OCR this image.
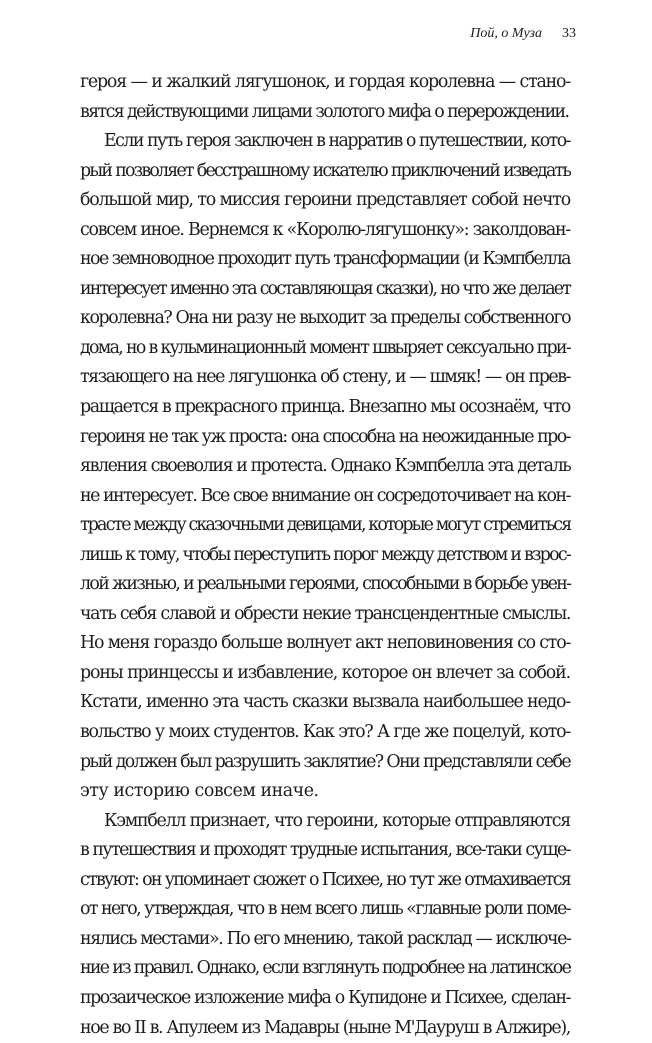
Пой, о Муза 33
героя — и жалкий лягушонок, и гордая королевна — стано-
вятся действующими лицами золотого мифа о перерождении.
Если путь героя заключен в нарратив о путешествии, кото-
рый позволяет бесстрашному искателю приключений изведать
большой мир, то миссия героини представляет собой нечто
совсем иное. Вернемся к «Королю-лягушонку»: заколдован-
ное земноводное проходит путь трансформации (и Кэмпбелла
интересует именно эта составляющая сказки), но что же делает
королевна? Она ни разу не выходит за пределы собственного
дома, но в кульминационный момент швыряет сексуально при-
тязающего на нее лягушонка об стену, и — шмяк! — он прев-
ращается в прекрасного принца. Внезапно мы осознаём, что
героиня не так уж проста: она способна на неожиданные про-
явления своеволия и протеста. Однако Кэмпбелла эта деталь
не интересует. Все свое внимание он сосредоточивает на кон-
трасте между сказочными девицами, которые могут стремиться
лишь к тому, чтобы переступить порог между детством и взрос-
лой жизнью, и реальными героями, способными в борьбе увен-
чать себя славой и обрести некие трансцендентные смыслы.
Но меня гораздо больше волнует акт неповиновения со сто-
роны принцессы и избавление, которое он влечет за собой.
Кстати, именно эта часть сказки вызвала наибольшее недо-
вольство у моих студентов. Как это? А где же поцелуй, кото-
рый должен был разрушить заклятие? Они представляли себе
эту историю совсем иначе.
Кэмпбелл признает, что героини, которые отправляются
в путешествия и проходят трудные испытания, все-таки суще-
ствуют: он упоминает сюжет о Психее, но тут же отмахивается
от него, утверждая, что в нем всего лишь «главные роли поме-
нялись местами». По его мнению, такой расклад — исключе-
ние из правил. Однако, если взглянуть подробнее на латинское
прозаическое изложение мифа о Купидоне и Психее, сделан-
ное во II в. Апулеем из Мадавры (ныне М'Дауруш в Алжире),
